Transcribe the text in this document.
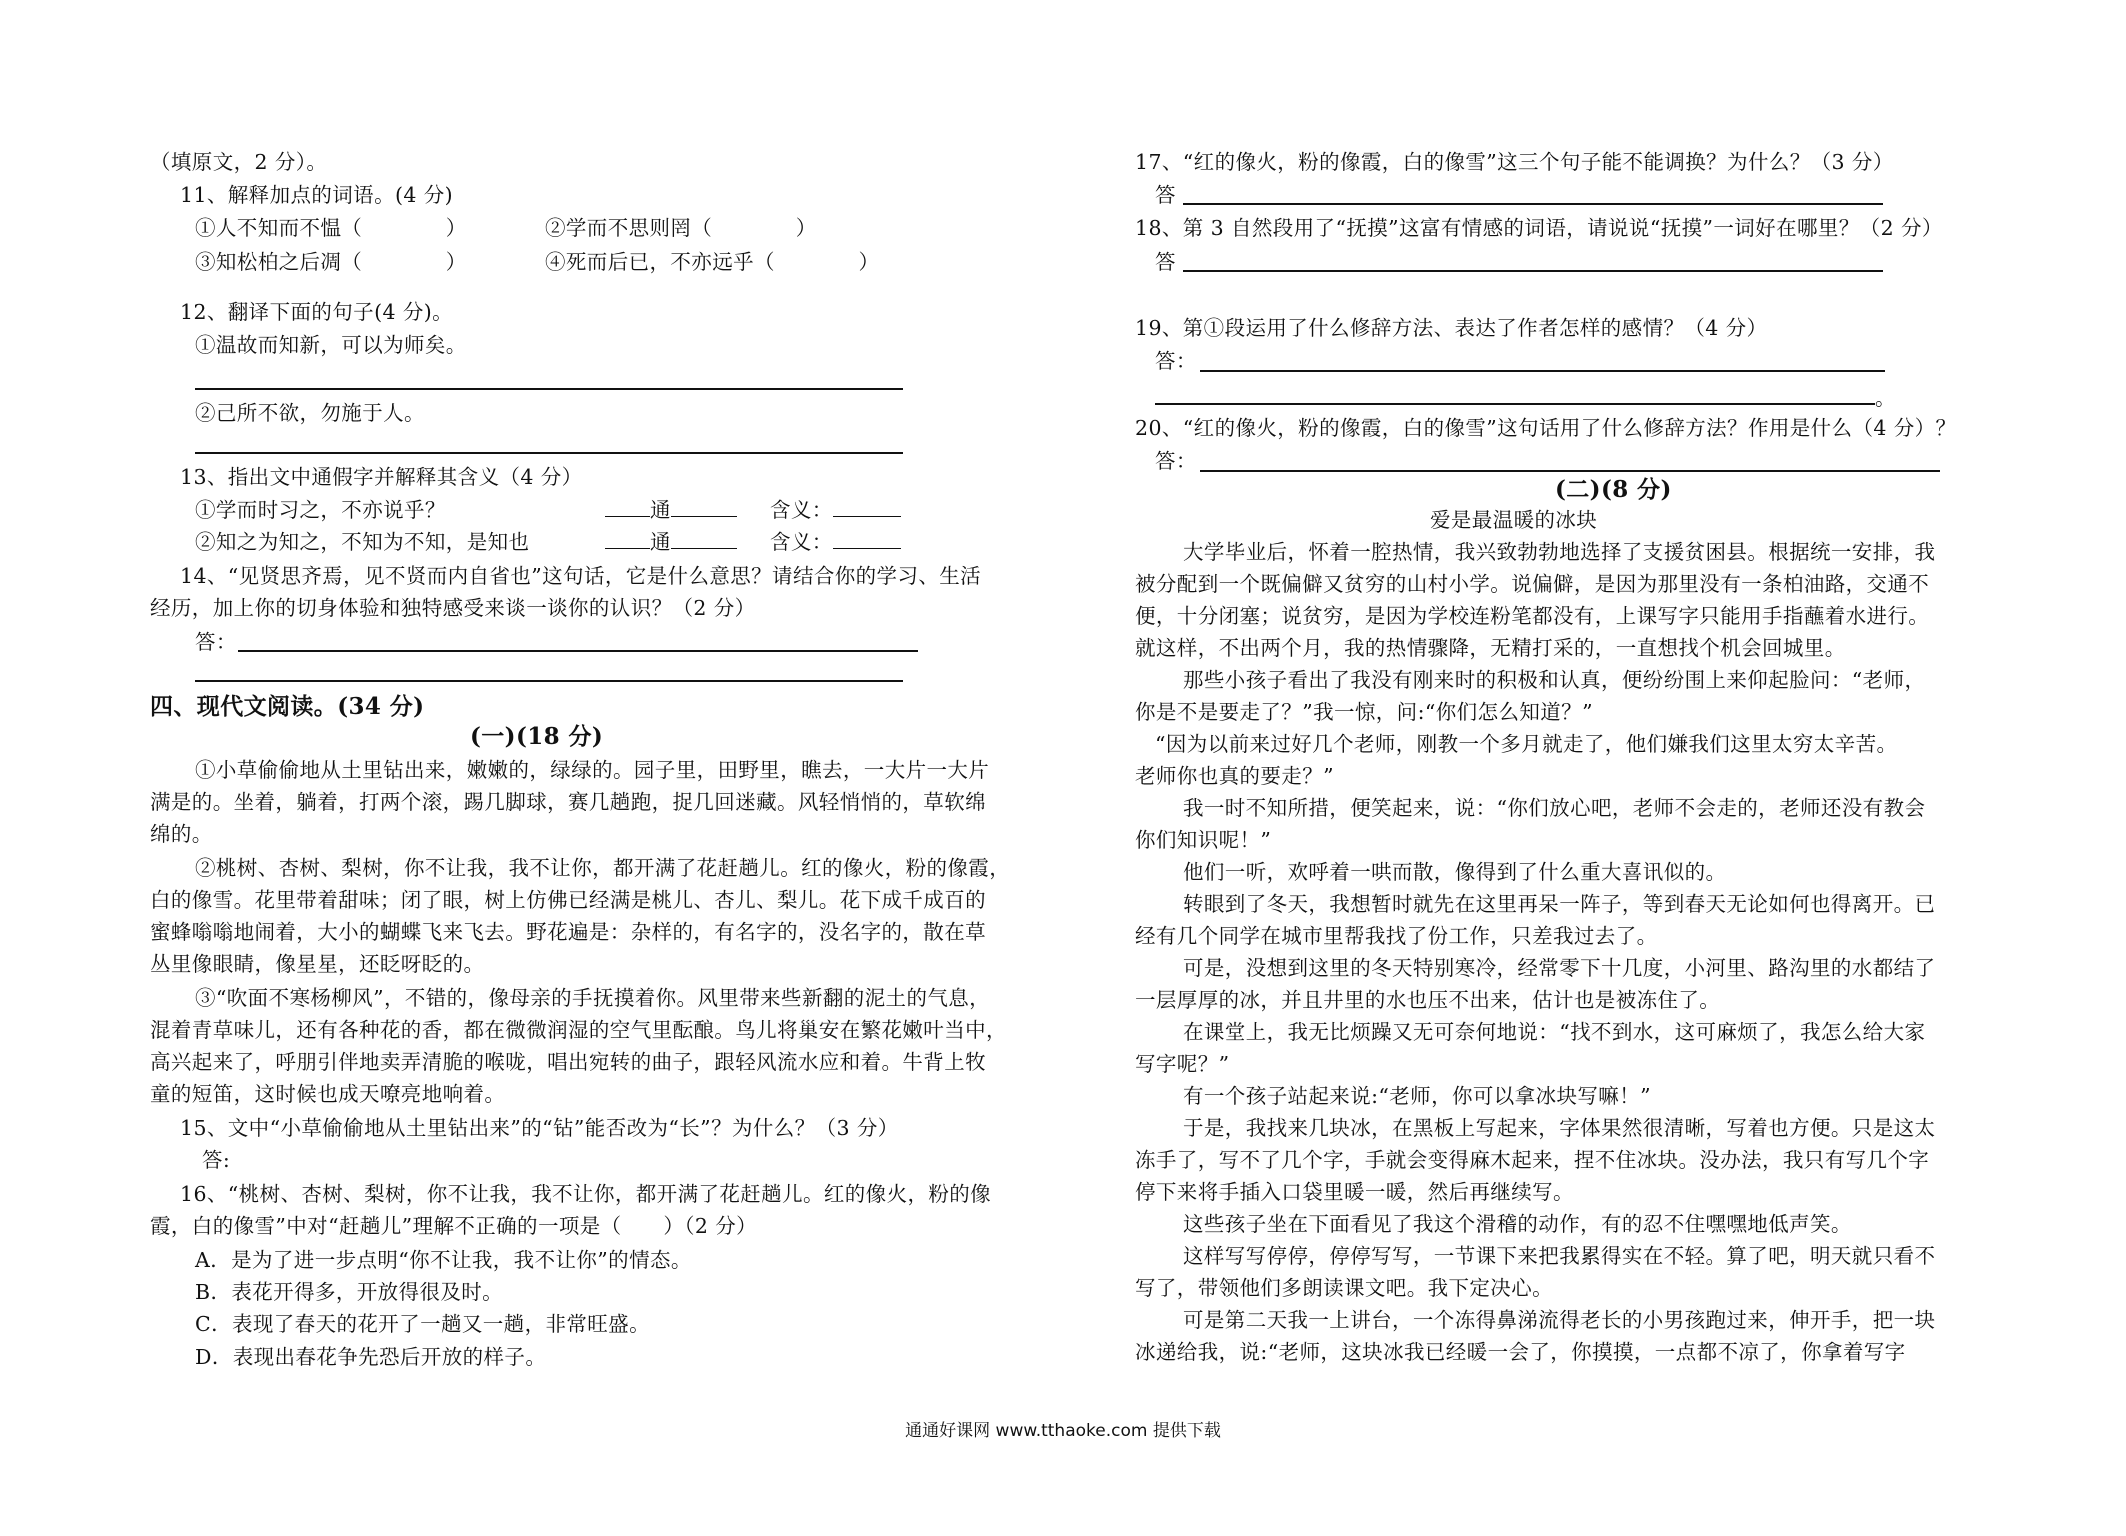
（填原文，2 分）。
11、解释加点的词语。(4 分)
①人不知而不愠（　　　　）	②学而不思则罔（　　　　）
③知松柏之后凋（　　　　）	④死而后已，不亦远乎（　　　　）
12、翻译下面的句子(4 分)。
①温故而知新，可以为师矣。
②己所不欲，勿施于人。
13、指出文中通假字并解释其含义（4 分）
①学而时习之，不亦说乎？	通	含义：
②知之为知之，不知为不知，是知也	通	含义：
14、“见贤思齐焉，见不贤而内自省也”这句话，它是什么意思？请结合你的学习、生活
经历，加上你的切身体验和独特感受来谈一谈你的认识？（2 分）
答：
四、现代文阅读。(34 分)
(一)(18 分)
①小草偷偷地从土里钻出来，嫩嫩的，绿绿的。园子里，田野里，瞧去，一大片一大片
满是的。坐着，躺着，打两个滚，踢几脚球，赛几趟跑，捉几回迷藏。风轻悄悄的，草软绵
绵的。
②桃树、杏树、梨树，你不让我，我不让你，都开满了花赶趟儿。红的像火，粉的像霞，
白的像雪。花里带着甜味；闭了眼，树上仿佛已经满是桃儿、杏儿、梨儿。花下成千成百的
蜜蜂嗡嗡地闹着，大小的蝴蝶飞来飞去。野花遍是：杂样的，有名字的，没名字的，散在草
丛里像眼睛，像星星，还眨呀眨的。
③“吹面不寒杨柳风”，不错的，像母亲的手抚摸着你。风里带来些新翻的泥土的气息，
混着青草味儿，还有各种花的香，都在微微润湿的空气里酝酿。鸟儿将巢安在繁花嫩叶当中，
高兴起来了，呼朋引伴地卖弄清脆的喉咙，唱出宛转的曲子，跟轻风流水应和着。牛背上牧
童的短笛，这时候也成天嘹亮地响着。
15、文中“小草偷偷地从土里钻出来”的“钻”能否改为“长”？为什么？（3 分）
答:
16、“桃树、杏树、梨树，你不让我，我不让你，都开满了花赶趟儿。红的像火，粉的像
霞，白的像雪”中对“赶趟儿”理解不正确的一项是（　　）（2 分）
A．是为了进一步点明“你不让我，我不让你”的情态。
B．表花开得多，开放得很及时。
C．表现了春天的花开了一趟又一趟，非常旺盛。
D．表现出春花争先恐后开放的样子。
17、“红的像火，粉的像霞，白的像雪”这三个句子能不能调换？为什么？（3 分）
答
18、第 3 自然段用了“抚摸”这富有情感的词语，请说说“抚摸”一词好在哪里？（2 分）
答
19、第①段运用了什么修辞方法、表达了作者怎样的感情？（4 分）
答：
。
20、“红的像火，粉的像霞，白的像雪”这句话用了什么修辞方法？作用是什么（4 分）？
答：
(二)(8 分)
爱是最温暖的冰块
大学毕业后，怀着一腔热情，我兴致勃勃地选择了支援贫困县。根据统一安排，我
被分配到一个既偏僻又贫穷的山村小学。说偏僻，是因为那里没有一条柏油路，交通不
便，十分闭塞；说贫穷，是因为学校连粉笔都没有，上课写字只能用手指蘸着水进行。
就这样，不出两个月，我的热情骤降，无精打采的，一直想找个机会回城里。
那些小孩子看出了我没有刚来时的积极和认真，便纷纷围上来仰起脸问：“老师，
你是不是要走了？”我一惊，问:“你们怎么知道？”
“因为以前来过好几个老师，刚教一个多月就走了，他们嫌我们这里太穷太辛苦。
老师你也真的要走？”
我一时不知所措，便笑起来，说：“你们放心吧，老师不会走的，老师还没有教会
你们知识呢！”
他们一听，欢呼着一哄而散，像得到了什么重大喜讯似的。
转眼到了冬天，我想暂时就先在这里再呆一阵子，等到春天无论如何也得离开。已
经有几个同学在城市里帮我找了份工作，只差我过去了。
可是，没想到这里的冬天特别寒冷，经常零下十几度，小河里、路沟里的水都结了
一层厚厚的冰，并且井里的水也压不出来，估计也是被冻住了。
在课堂上，我无比烦躁又无可奈何地说：“找不到水，这可麻烦了，我怎么给大家
写字呢？”
有一个孩子站起来说:“老师，你可以拿冰块写嘛！”
于是，我找来几块冰，在黑板上写起来，字体果然很清晰，写着也方便。只是这太
冻手了，写不了几个字，手就会变得麻木起来，捏不住冰块。没办法，我只有写几个字
停下来将手插入口袋里暖一暖，然后再继续写。
这些孩子坐在下面看见了我这个滑稽的动作，有的忍不住嘿嘿地低声笑。
这样写写停停，停停写写，一节课下来把我累得实在不轻。算了吧，明天就只看不
写了，带领他们多朗读课文吧。我下定决心。
可是第二天我一上讲台，一个冻得鼻涕流得老长的小男孩跑过来，伸开手，把一块
冰递给我，说:“老师，这块冰我已经暖一会了，你摸摸，一点都不凉了，你拿着写字
通通好课网 www.tthaoke.com 提供下载
